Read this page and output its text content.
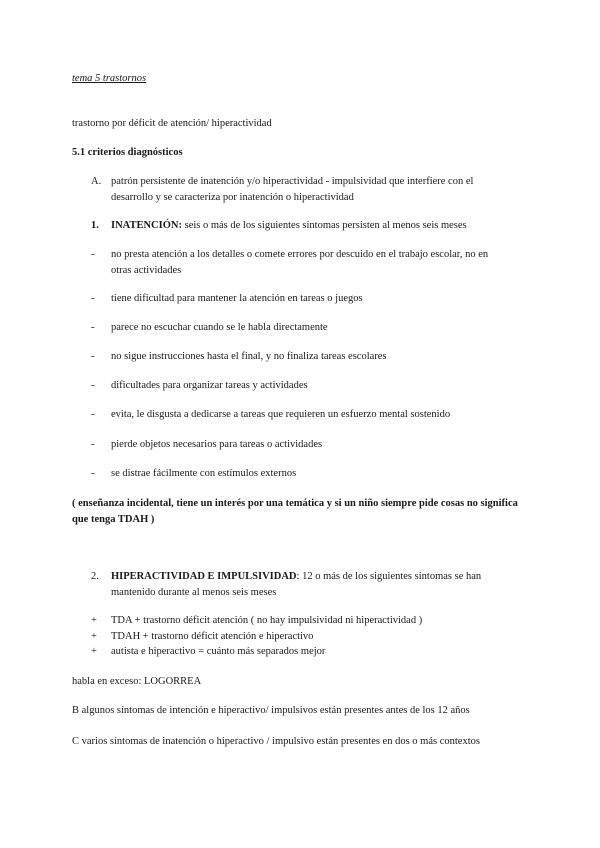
tema 5 trastornos
trastorno por déficit de atención/ hiperactividad
5.1 criterios diagnósticos
A. patrón persistente de inatención y/o hiperactividad - impulsividad que interfiere con el desarrollo y se caracteriza por inatención o hiperactividad
1. INATENCIÓN: seis o más de los siguientes síntomas persisten al menos seis meses
- no presta atención a los detalles o comete errores por descuido en el trabajo escolar, no en otras actividades
- tiene dificultad para mantener la atención en tareas o juegos
- parece no escuchar cuando se le habla directamente
- no sigue instrucciones hasta el final, y no finaliza tareas escolares
- dificultades para organizar tareas y actividades
- evita, le disgusta a dedicarse a tareas que requieren un esfuerzo mental sostenido
- pierde objetos necesarios para tareas o actividades
- se distrae fácilmente con estímulos externos
( enseñanza incidental, tiene un interés por una temática y si un niño siempre pide cosas no significa que tenga TDAH )
2. HIPERACTIVIDAD E IMPULSIVIDAD: 12 o más de los siguientes síntomas se han mantenido durante al menos seis meses
+ TDA + trastorno déficit atención ( no hay impulsividad ni hiperactividad )
+ TDAH + trastorno déficit atención e hiperactivo
+ autista e hiperactivo = cuánto más separados mejor
habla en exceso: LOGORREA
B algunos síntomas de intención e hiperactivo/ impulsivos están presentes antes de los 12 años
C varios síntomas de inatención o hiperactivo / impulsivo están presentes en dos o más contextos
